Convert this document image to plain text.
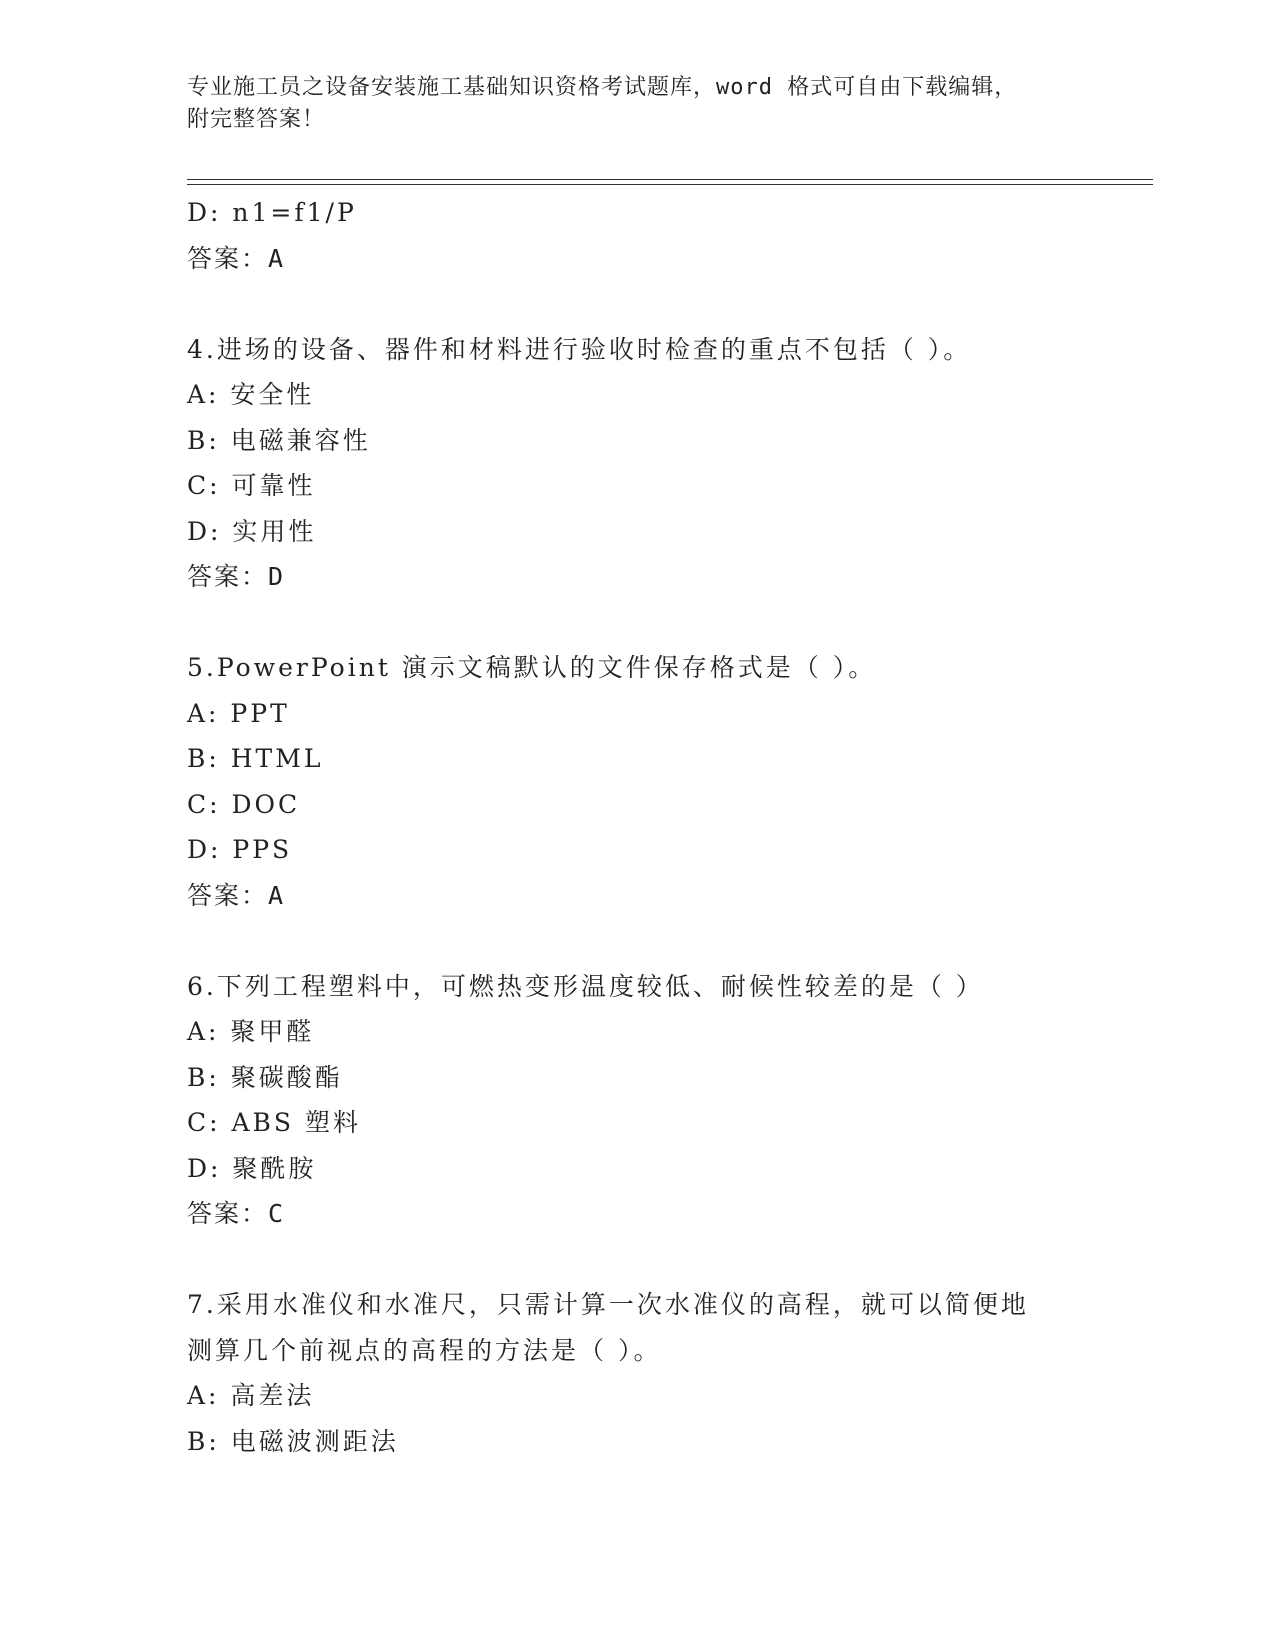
专业施工员之设备安装施工基础知识资格考试题库，word 格式可自由下载编辑，
附完整答案！
D: n1=f1/P
答案：A
4.进场的设备、器件和材料进行验收时检查的重点不包括（ ）。
A: 安全性
B: 电磁兼容性
C: 可靠性
D: 实用性
答案：D
5.PowerPoint 演示文稿默认的文件保存格式是（ ）。
A: PPT
B: HTML
C: DOC
D: PPS
答案：A
6.下列工程塑料中，可燃热变形温度较低、耐候性较差的是（ ）
A: 聚甲醛
B: 聚碳酸酯
C: ABS 塑料
D: 聚酰胺
答案：C
7.采用水准仪和水准尺，只需计算一次水准仪的高程，就可以简便地
测算几个前视点的高程的方法是（ ）。
A: 高差法
B: 电磁波测距法
